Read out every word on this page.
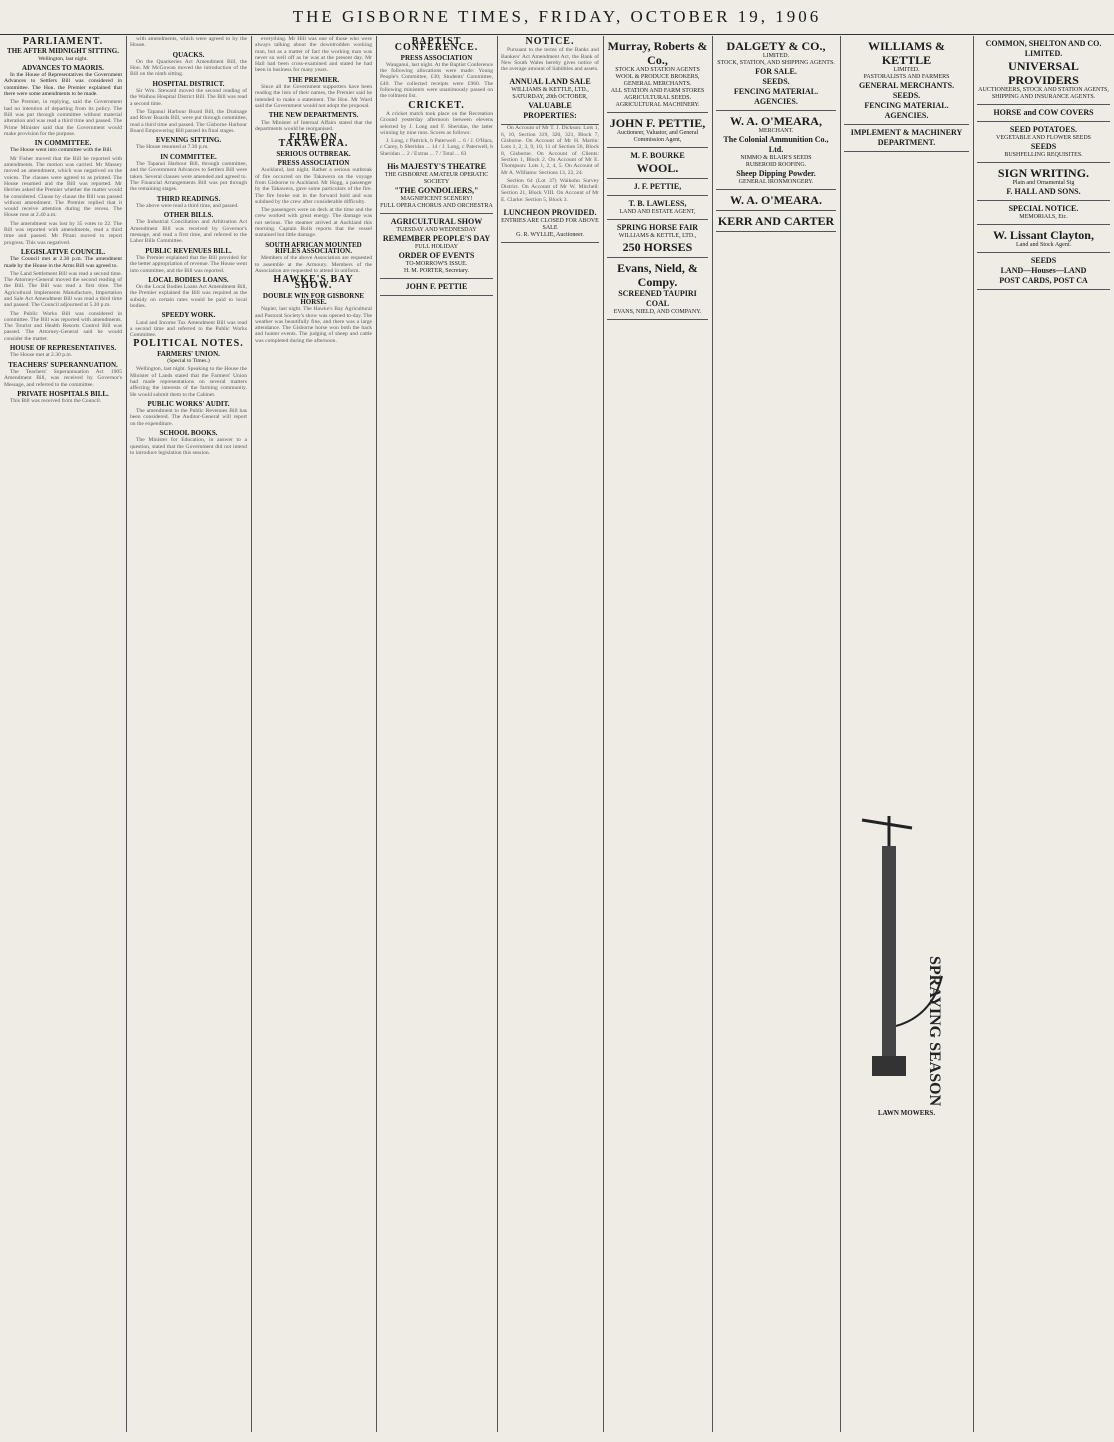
THE GISBORNE TIMES, FRIDAY, OCTOBER 19, 1906
PARLIAMENT.
THE AFTER MIDNIGHT SITTING.

Wellington, last night.

ADVANCES TO MAORIS.

In the House of Representatives the Government Advances to Settlers Bill was considered in committee. The Hon. the Premier explained that there were some amendments to be made.

The Premier, in replying, said the Government had no intention of departing from its policy. The Bill was put through committee without material alteration and was read a third time and passed. The Prime Minister said that the Government would make provision for the purpose.

IN COMMITTEE.

The House went into committee with the Bill.

Mr Fisher moved that the Bill be reported with amendments. The motion was carried. Mr Massey moved an amendment, which was negatived on the voices. The clauses were agreed to as printed. The House resumed and the Bill was reported. Mr Herries asked the Premier whether the matter would be considered. Clause by clause the Bill was passed without amendment. The Premier replied that it would receive attention during the recess. The House rose at 2.40 a.m.

The amendment was lost by 35 votes to 22. The Bill was reported with amendments, read a third time and passed. Mr Pirani moved to report progress. This was negatived.

LEGISLATIVE COUNCIL.

The Council met at 2.30 p.m. The amendment made by the House in the Arms Bill was agreed to.

The Land Settlement Bill was read a second time. The Attorney-General moved the second reading of the Bill. The Bill was read a first time. The Agricultural Implements Manufacture, Importation and Sale Act Amendment Bill was read a third time and passed. The Council adjourned at 5.30 p.m.

The Public Works Bill was considered in committee. The Bill was reported with amendments. The Tourist and Health Resorts Control Bill was passed. The Attorney-General said he would consider the matter.

HOUSE OF REPRESENTATIVES.

The House met at 2.30 p.m.

TEACHERS' SUPERANNUATION.

The Teachers' Superannuation Act 1905 Amendment Bill, was received by Governor's Message, and referred to the committee.

PRIVATE HOSPITALS BILL.

This Bill was received from the Council.

with amendments, which were agreed to by the House.

QUACKS.

On the Quackeries Act Amendment Bill, the Hon. Mr McGowan moved the introduction of the Bill on the ninth sitting.

HOSPITAL DISTRICT.

Sir Wm. Steward moved the second reading of the Waihou Hospital District Bill. The Bill was read a second time.

The Tapanui Harbour Board Bill, the Drainage and River Boards Bill, were put through committee, read a third time and passed. The Gisborne Harbour Board Empowering Bill passed its final stages.

EVENING SITTING.

The House resumed at 7.30 p.m.

IN COMMITTEE.

The Tapanui Harbour Bill, through committee, and the Government Advances to Settlers Bill were taken. Several clauses were amended and agreed to. The Financial Arrangements Bill was put through the remaining stages.

THIRD READINGS.

The above were read a third time, and passed.

OTHER BILLS.

The Industrial Conciliation and Arbitration Act Amendment Bill was received by Governor's message, and read a first time, and referred to the Labor Bills Committee.

PUBLIC REVENUES BILL.

The Premier explained that the Bill provided for the better appropriation of revenue. The House went into committee, and the Bill was reported.

LOCAL BODIES LOANS.

On the Local Bodies Loans Act Amendment Bill, the Premier explained the Bill was required as the subsidy on certain rates would be paid to local bodies.

SPEEDY WORK.

Land and Income Tax Amendment Bill was read a second time and referred to the Public Works Committee.

POLITICAL NOTES.
FARMERS' UNION.

(Special to Times.)

Wellington, last night. Speaking to the House the Minister of Lands stated that the Farmers' Union had made representations on several matters affecting the interests of the farming community. He would submit them to the Cabinet.

PUBLIC WORKS' AUDIT.

The amendment to the Public Revenues Bill has been considered. The Auditor-General will report on the expenditure.

SCHOOL BOOKS.

The Minister for Education, in answer to a question, stated that the Government did not intend to introduce legislation this session.

everything. Mr Hill was one of those who were always talking about the downtrodden working man, but as a matter of fact the working man was never so well off as he was at the present day. Mr Hall had been cross-examined and stated he had been in business for many years.

THE PREMIER.

Since all the Government supporters have been reading the lists of their names, the Premier said he intended to make a statement. The Hon. Mr Ward said the Government would not adopt the proposal.

THE NEW DEPARTMENTS.

The Minister of Internal Affairs stated that the departments would be reorganised.

FIRE ON TAKAWERA.
SERIOUS OUTBREAK.
PRESS ASSOCIATION

Auckland, last night. Rather a serious outbreak of fire occurred on the Takawera on the voyage from Gisborne to Auckland. Mr Hogg, a passenger by the Takawera, gave some particulars of the fire. The fire broke out in the forward hold and was subdued by the crew after considerable difficulty.

The passengers were on deck at the time and the crew worked with great energy. The damage was not serious. The steamer arrived at Auckland this morning. Captain Bolls reports that the vessel sustained but little damage.

SOUTH AFRICAN MOUNTED RIFLES ASSOCIATION.

Members of the above Association are requested to assemble at the Armoury. Members of the Association are requested to attend in uniform.

HAWKE'S BAY SHOW.
DOUBLE WIN FOR GISBORNE HORSE.

Napier, last night. The Hawke's Bay Agricultural and Pastoral Society's show was opened to-day. The weather was beautifully fine, and there was a large attendance. The Gisborne horse won both the hack and hunter events. The judging of sheep and cattle was completed during the afternoon.

BAPTIST CONFERENCE.
PRESS ASSOCIATION

Wanganui, last night. At the Baptist Conference the following allocations were made: Young People's Committee, £30; Students' Committee, £40. The collected receipts were £960. The following ministers were unanimously passed on the rollment list.

CRICKET.

A cricket match took place on the Recreation Ground yesterday afternoon between elevens selected by J. Long and F. Sheridan, the latter winning by nine runs. Scores as follows:

J. Long, c Pattrick, b Paterwell ... 6 / J. O'Hara, c Carey, b Sheridan ... 14 / J. Long, c Paterwell, b Sheridan ... 2 / Extras ... 7 / Total ... 63

His MAJESTY'S THEATRE
THE GISBORNE AMATEUR OPERATIC SOCIETY
"THE GONDOLIERS,"
MAGNIFICENT SCENERY!
FULL OPERA CHORUS AND ORCHESTRA
AGRICULTURAL SHOW
TUESDAY AND WEDNESDAY
REMEMBER PEOPLE'S DAY
FULL HOLIDAY
ORDER OF EVENTS
TO-MORROW'S ISSUE.
H. M. PORTER, Secretary.
JOHN F. PETTIE
NOTICE.

Pursuant to the terms of the Banks and Bankers' Act Amendment Act, the Bank of New South Wales hereby gives notice of the average amount of liabilities and assets.

ANNUAL LAND SALE
WILLIAMS & KETTLE, LTD.,
SATURDAY, 20th OCTOBER,
VALUABLE PROPERTIES:

On Account of Mr T. J. Dickson: Lots 1, 6, 10, Section 319, 320, 321, Block 7, Gisborne. On Account of Mr H. Martin: Lots 1, 2, 3, 9, 10, 11 of Section 56, Block 8, Gisborne. On Account of Clients: Section 1, Block 2. On Account of Mr E. Thompson: Lots 1, 2, 4, 5. On Account of Mr A. Williams: Sections 13, 22, 24.

Section 64 (Lot 37) Waikohu Survey District. On Account of Mr W. Mitchell: Section 21, Block VIII. On Account of Mr E. Clarke: Section 5, Block 3.

LUNCHEON PROVIDED.
ENTRIES ARE CLOSED FOR ABOVE SALE
G. R. WYLLIE, Auctioneer.
Murray, Roberts & Co.,
STOCK AND STATION AGENTS
WOOL & PRODUCE BROKERS,
GENERAL MERCHANTS.
ALL STATION AND FARM STORES
AGRICULTURAL SEEDS.
AGRICULTURAL MACHINERY.
JOHN F. PETTIE,
Auctioneer, Valuator, and General Commission Agent,
M. F. BOURKE
WOOL.
J. F. PETTIE,
T. B. LAWLESS,
LAND AND ESTATE AGENT,
SPRING HORSE FAIR
WILLIAMS & KETTLE, LTD.,
250 HORSES
Evans, Nield, & Compy.
SCREENED TAUPIRI COAL
EVANS, NIELD, AND COMPANY.
DALGETY & CO.,
LIMITED.
STOCK, STATION, AND SHIPPING AGENTS.
FOR SALE.
SEEDS.
FENCING MATERIAL.
AGENCIES.
W. A. O'MEARA,
MERCHANT.
The Colonial Ammunition Co., Ltd.
NIMMO & BLAIR'S SEEDS
RUBEROID ROOFING.
Sheep Dipping Powder.
GENERAL IRONMONGERY.
W. A. O'MEARA.
KERR AND CARTER
WILLIAMS & KETTLE
LIMITED.
PASTORALISTS AND FARMERS
GENERAL MERCHANTS.
SEEDS.
FENCING MATERIAL.
AGENCIES.
IMPLEMENT & MACHINERY DEPARTMENT.
SPRAYING SEASON
LAWN MOWERS.
COMMON, SHELTON AND CO. LIMITED.
UNIVERSAL PROVIDERS
AUCTIONEERS, STOCK AND STATION AGENTS, SHIPPING AND INSURANCE AGENTS.
HORSE and COW COVERS
SEED POTATOES.
VEGETABLE AND FLOWER SEEDS
SEEDS
BUSHFELLING REQUISITES.
SIGN WRITING.
Plain and Ornamental Sig
F. HALL AND SONS.
SPECIAL NOTICE.
MEMORIALS, Etc.
W. Lissant Clayton,
Land and Stock Agent.
SEEDS
LAND—Houses—LAND
POST CARDS, POST CA
